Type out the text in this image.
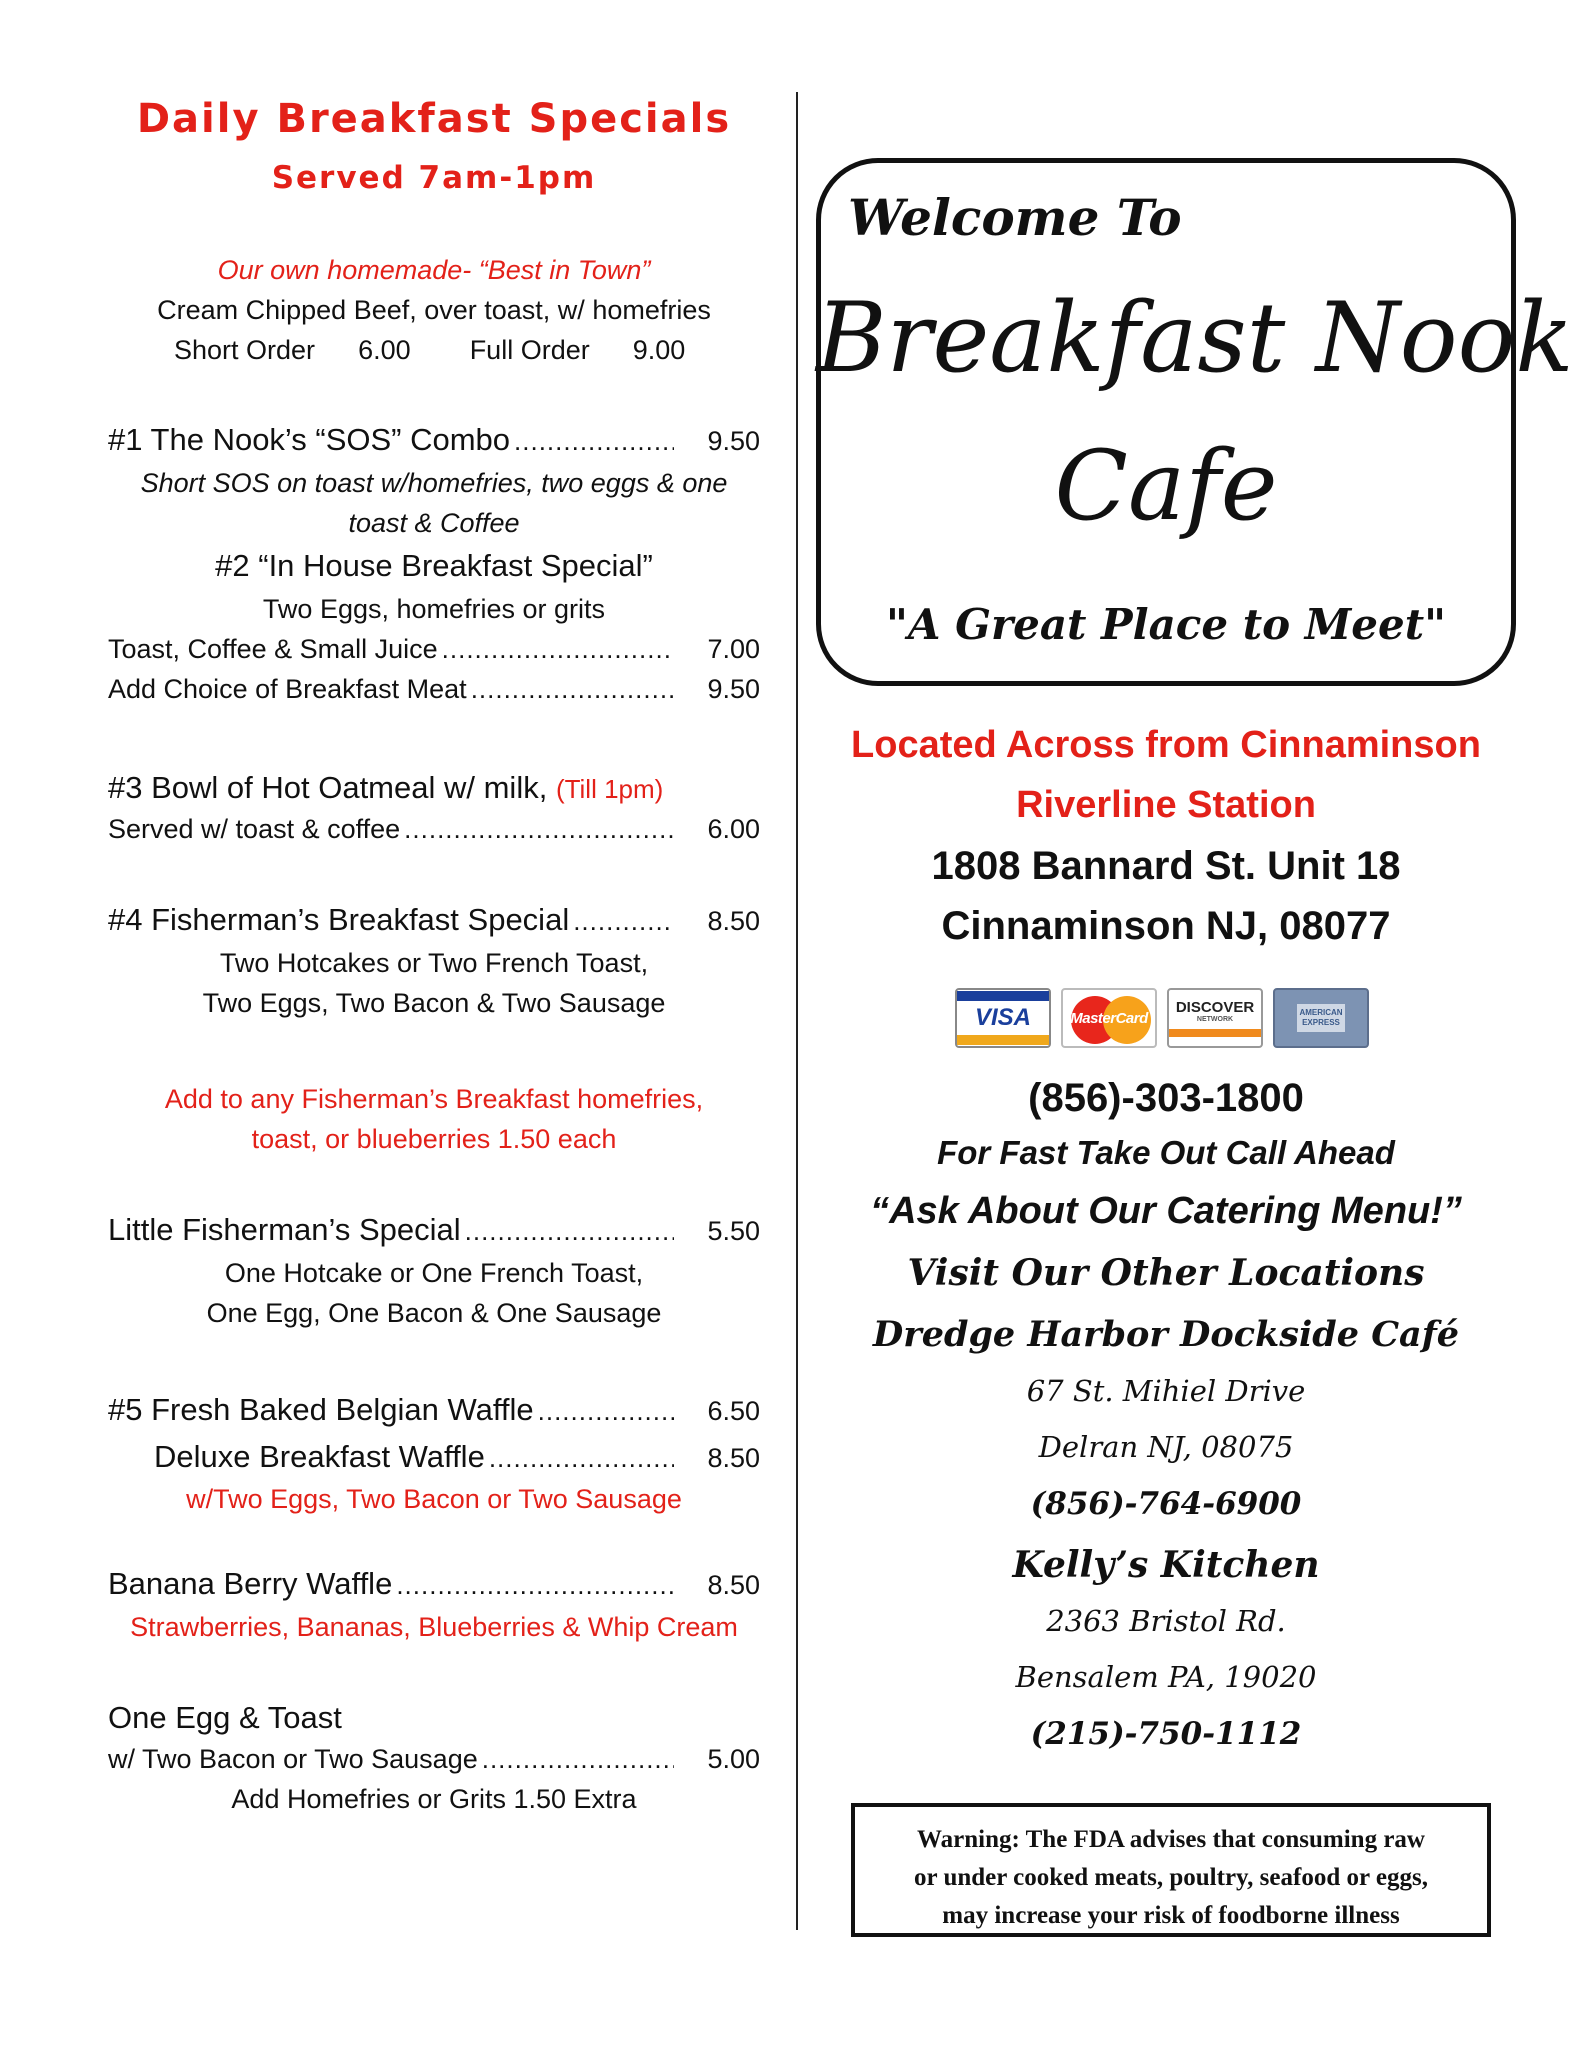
Daily Breakfast Specials
Served 7am-1pm
Our own homemade- “Best in Town”
Cream Chipped Beef, over toast, w/ homefries
Short Order 6.00 Full Order 9.00
#1 The Nook’s “SOS” Combo .....	9.50
Short SOS on toast w/homefries, two eggs & one
toast & Coffee
#2 “In House Breakfast Special”
Two Eggs, homefries or grits
Toast, Coffee & Small Juice .....	7.00
Add Choice of Breakfast Meat .....	9.50
#3 Bowl of Hot Oatmeal w/ milk, (Till 1pm)
Served w/ toast & coffee .....	6.00
#4 Fisherman’s Breakfast Special .....	8.50
Two Hotcakes or Two French Toast,
Two Eggs, Two Bacon & Two Sausage
Add to any Fisherman’s Breakfast homefries,
toast, or blueberries 1.50 each
Little Fisherman’s Special .....	5.50
One Hotcake or One French Toast,
One Egg, One Bacon & One Sausage
#5 Fresh Baked Belgian Waffle .....	6.50
Deluxe Breakfast Waffle .....	8.50
w/Two Eggs, Two Bacon or Two Sausage
Banana Berry Waffle .....	8.50
Strawberries, Bananas, Blueberries & Whip Cream
One Egg & Toast
w/ Two Bacon or Two Sausage .....	5.00
Add Homefries or Grits 1.50 Extra
Welcome To
Breakfast Nook
Cafe
"A Great Place to Meet"
Located Across from Cinnaminson
Riverline Station
1808 Bannard St. Unit 18
Cinnaminson NJ, 08077
VISA	MasterCard
DISCOVER
NETWORK
AMERICAN EXPRESS
(856)-303-1800
For Fast Take Out Call Ahead
“Ask About Our Catering Menu!”
Visit Our Other Locations
Dredge Harbor Dockside Café
67 St. Mihiel Drive
Delran NJ, 08075
(856)-764-6900
Kelly’s Kitchen
2363 Bristol Rd.
Bensalem PA, 19020
(215)-750-1112
Warning: The FDA advises that consuming raw
or under cooked meats, poultry, seafood or eggs,
may increase your risk of foodborne illness
